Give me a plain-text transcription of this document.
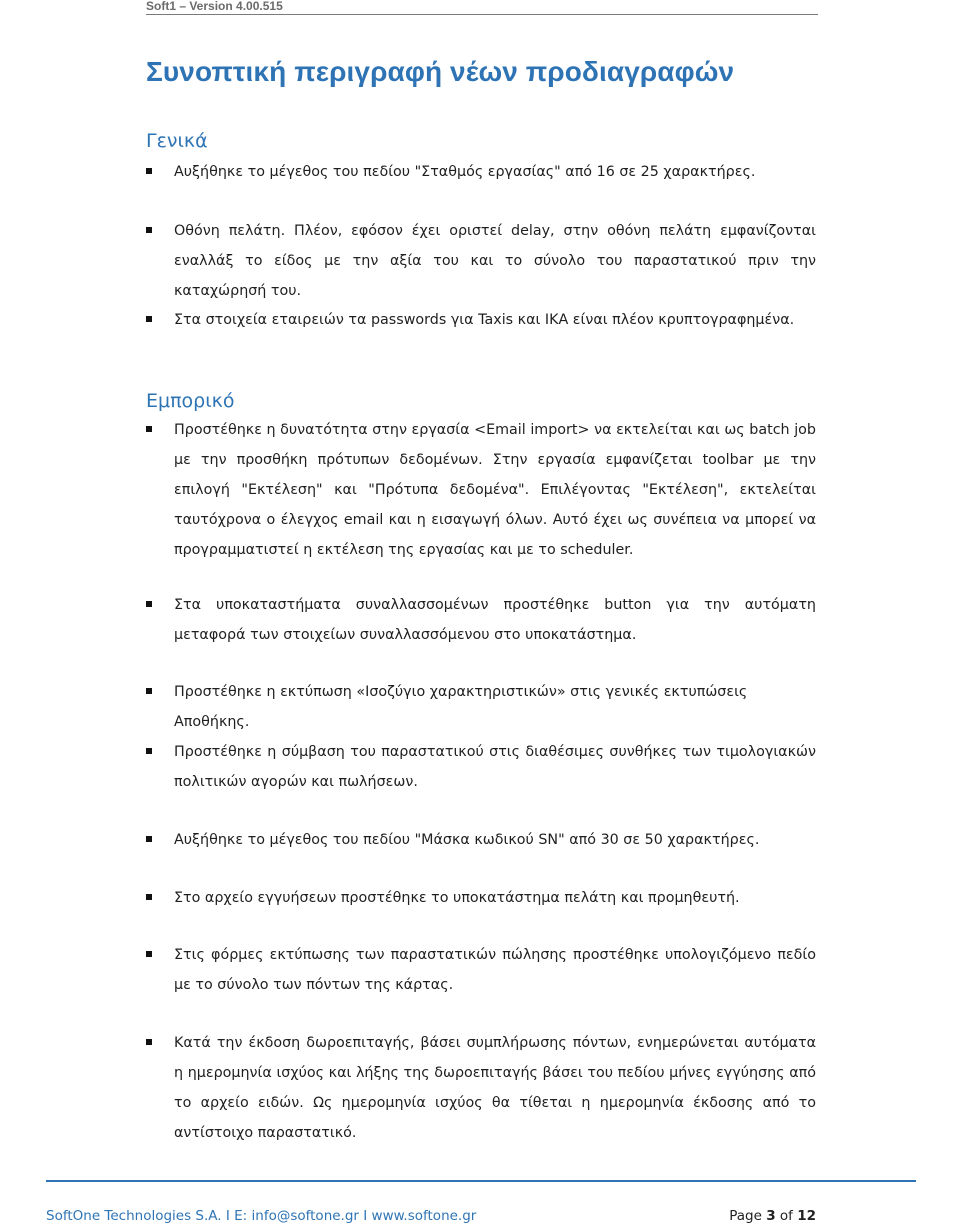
Soft1 – Version 4.00.515
Συνοπτική περιγραφή νέων προδιαγραφών
Γενικά

Αυξήθηκε το μέγεθος του πεδίου "Σταθμός εργασίας" από 16 σε 25 χαρακτήρες.

Οθόνη πελάτη. Πλέον, εφόσον έχει οριστεί delay, στην οθόνη πελάτη εμφανίζονται εναλλάξ το είδος με την αξία του και το σύνολο του παραστατικού πριν την καταχώρησή του.

Στα στοιχεία εταιρειών τα passwords για Taxis και ΙΚΑ είναι πλέον κρυπτογραφημένα.

Εμπορικό

Προστέθηκε η δυνατότητα στην εργασία <Email import> να εκτελείται και ως batch job με την προσθήκη πρότυπων δεδομένων. Στην εργασία εμφανίζεται toolbar με την επιλογή "Εκτέλεση" και "Πρότυπα δεδομένα". Επιλέγοντας "Εκτέλεση", εκτελείται ταυτόχρονα ο έλεγχος email και η εισαγωγή όλων. Αυτό έχει ως συνέπεια να μπορεί να προγραμματιστεί η εκτέλεση της εργασίας και με το scheduler.

Στα υποκαταστήματα συναλλασσομένων προστέθηκε button για την αυτόματη μεταφορά των στοιχείων συναλλασσόμενου στο υποκατάστημα.

Προστέθηκε η εκτύπωση «Ισοζύγιο χαρακτηριστικών» στις γενικές εκτυπώσεις Αποθήκης.

Προστέθηκε η σύμβαση του παραστατικού στις διαθέσιμες συνθήκες των τιμολογιακών πολιτικών αγορών και πωλήσεων.

Αυξήθηκε το μέγεθος του πεδίου "Μάσκα κωδικού SN" από 30 σε 50 χαρακτήρες.

Στο αρχείο εγγυήσεων προστέθηκε το υποκατάστημα πελάτη και προμηθευτή.

Στις φόρμες εκτύπωσης των παραστατικών πώλησης προστέθηκε υπολογιζόμενο πεδίο με το σύνολο των πόντων της κάρτας.

Κατά την έκδοση δωροεπιταγής, βάσει συμπλήρωσης πόντων, ενημερώνεται αυτόματα η ημερομηνία ισχύος και λήξης της δωροεπιταγής βάσει του πεδίου μήνες εγγύησης από το αρχείο ειδών. Ως ημερομηνία ισχύος θα τίθεται η ημερομηνία έκδοσης από το αντίστοιχο παραστατικό.

SoftOne Technologies S.A. I E: info@softone.gr I www.softone.gr	Page 3 of 12
